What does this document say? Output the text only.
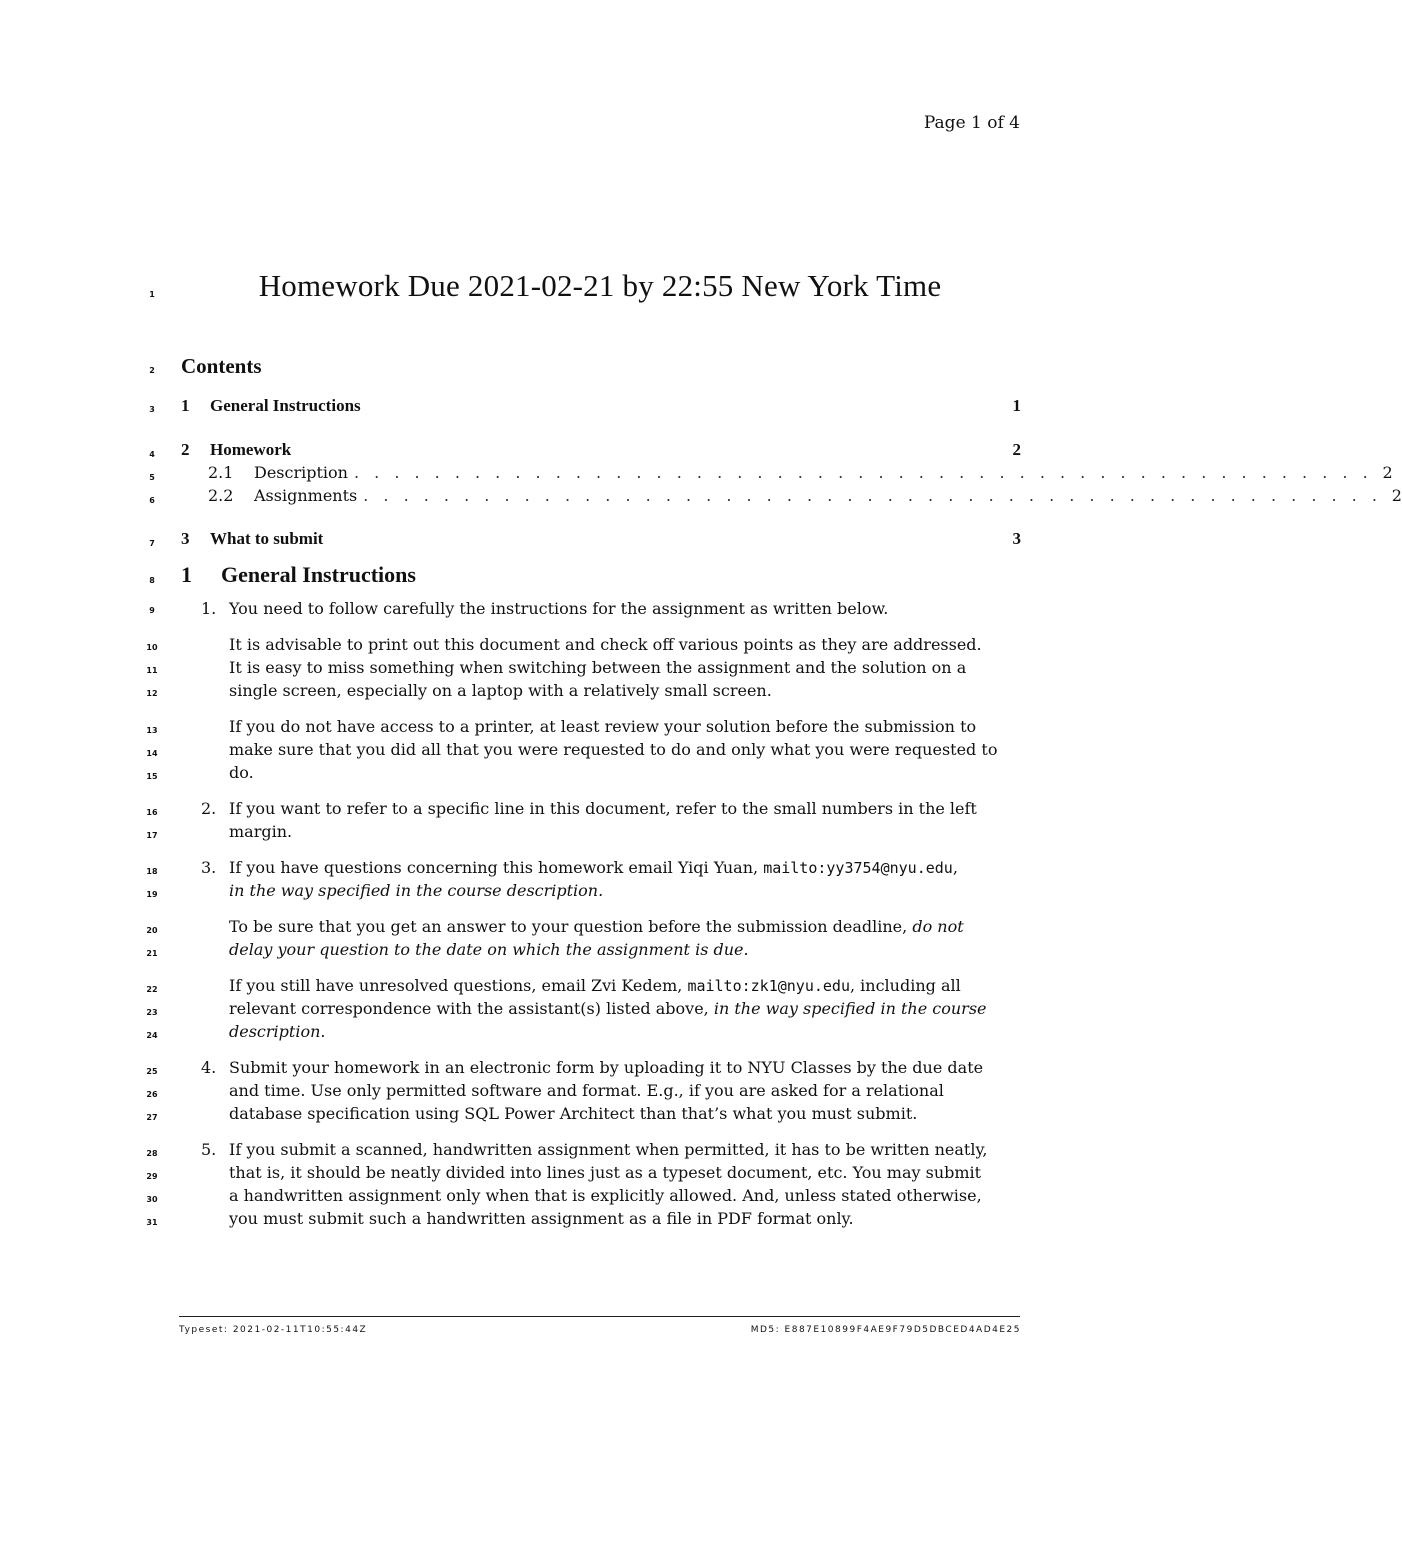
Page 1 of 4
1
2
3
4
5
6
7
8
9
10
11
12
13
14
15
16
17
18
19
20
21
22
23
24
25
26
27
28
29
30
31
Homework Due 2021-02-21 by 22:55 New York Time
Contents
1 General Instructions	1
2 Homework	2
2.1	Description . . . . . . . . . . . . . . . . . . . . . . . . . . . . . . . . . . . . . . . . . . . . . . . . . . . 2
2.2	Assignments . . . . . . . . . . . . . . . . . . . . . . . . . . . . . . . . . . . . . . . . . . . . . . . . . . . 2
3 What to submit	3
1 General Instructions
1. You need to follow carefully the instructions for the assignment as written below.
It is advisable to print out this document and check off various points as they are addressed.
It is easy to miss something when switching between the assignment and the solution on a
single screen, especially on a laptop with a relatively small screen.
If you do not have access to a printer, at least review your solution before the submission to
make sure that you did all that you were requested to do and only what you were requested to
do.
2. If you want to refer to a specific line in this document, refer to the small numbers in the left
margin.
3. If you have questions concerning this homework email Yiqi Yuan, mailto:yy3754@nyu.edu,
in the way specified in the course description.
To be sure that you get an answer to your question before the submission deadline, do not
delay your question to the date on which the assignment is due.
If you still have unresolved questions, email Zvi Kedem, mailto:zk1@nyu.edu, including all
relevant correspondence with the assistant(s) listed above, in the way specified in the course
description.
4. Submit your homework in an electronic form by uploading it to NYU Classes by the due date
and time. Use only permitted software and format. E.g., if you are asked for a relational
database specification using SQL Power Architect than that’s what you must submit.
5. If you submit a scanned, handwritten assignment when permitted, it has to be written neatly,
that is, it should be neatly divided into lines just as a typeset document, etc. You may submit
a handwritten assignment only when that is explicitly allowed. And, unless stated otherwise,
you must submit such a handwritten assignment as a file in PDF format only.
Typeset: 2021-02-11T10:55:44Z	MD5: E887E10899F4AE9F79D5DBCED4AD4E25
